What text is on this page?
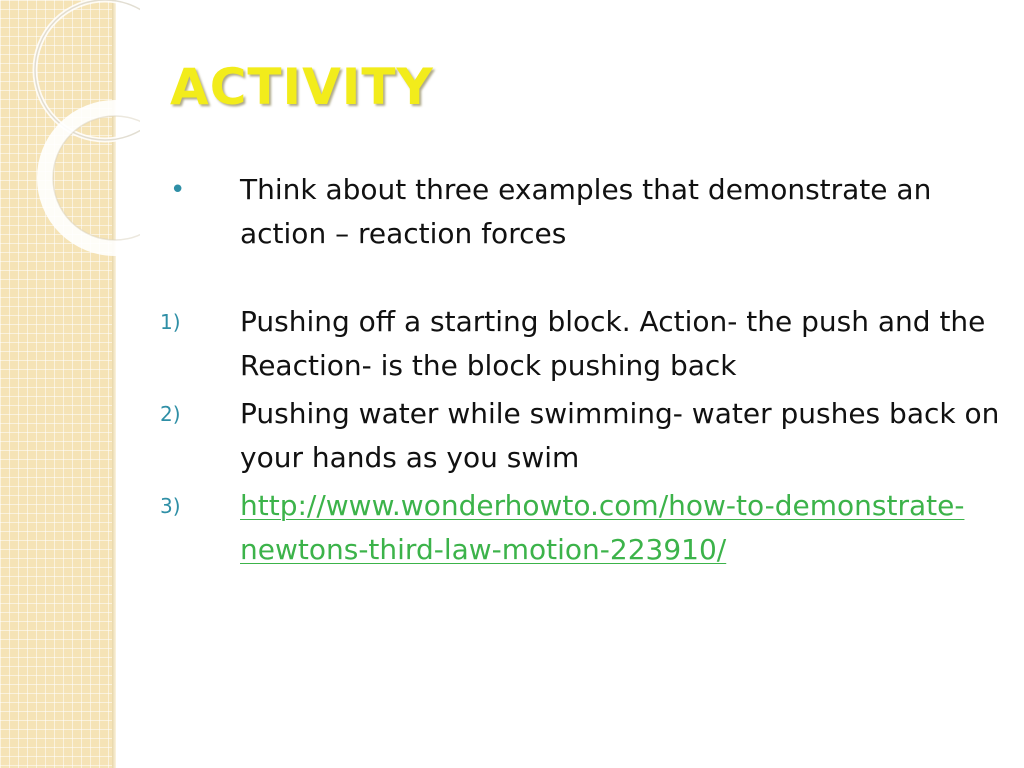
ACTIVITY
•	Think about three examples that demonstrate an action – reaction forces
1)	Pushing off a starting block. Action- the push and the Reaction- is the block pushing back
2)	Pushing water while swimming- water pushes back on your hands as you swim
3)	http://www.wonderhowto.com/how-to-demonstrate-newtons-third-law-motion-223910/
